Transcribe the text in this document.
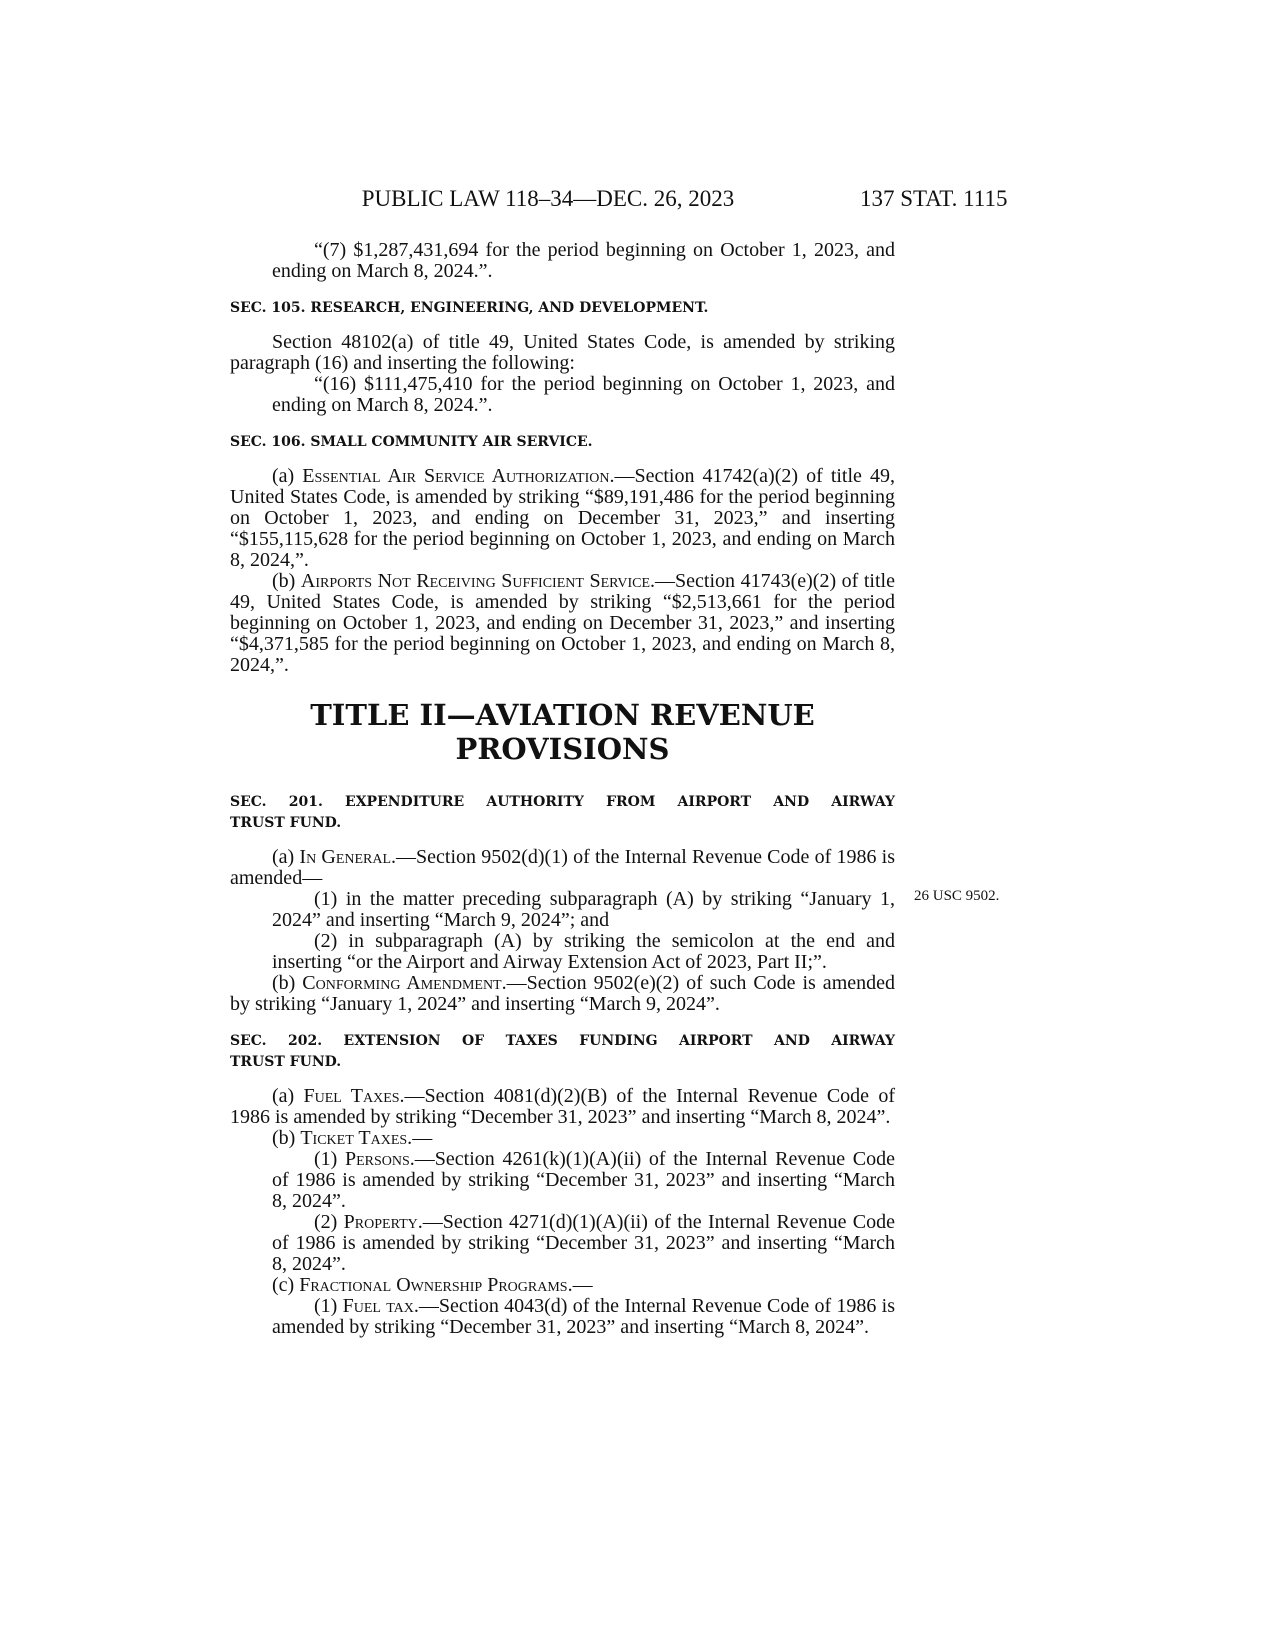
PUBLIC LAW 118–34—DEC. 26, 2023	137 STAT. 1115

“(7) $1,287,431,694 for the period beginning on October 1, 2023, and ending on March 8, 2024.”.

SEC. 105. RESEARCH, ENGINEERING, AND DEVELOPMENT.

Section 48102(a) of title 49, United States Code, is amended by striking paragraph (16) and inserting the following:

“(16) $111,475,410 for the period beginning on October 1, 2023, and ending on March 8, 2024.”.

SEC. 106. SMALL COMMUNITY AIR SERVICE.

(a) Essential Air Service Authorization.—Section 41742(a)(2) of title 49, United States Code, is amended by striking “$89,191,486 for the period beginning on October 1, 2023, and ending on December 31, 2023,” and inserting “$155,115,628 for the period beginning on October 1, 2023, and ending on March 8, 2024,”.

(b) Airports Not Receiving Sufficient Service.—Section 41743(e)(2) of title 49, United States Code, is amended by striking “$2,513,661 for the period beginning on October 1, 2023, and ending on December 31, 2023,” and inserting “$4,371,585 for the period beginning on October 1, 2023, and ending on March 8, 2024,”.

TITLE II—AVIATION REVENUE
PROVISIONS

SEC. 201. EXPENDITURE AUTHORITY FROM AIRPORT AND AIRWAY
TRUST FUND.

(a) In General.—Section 9502(d)(1) of the Internal Revenue Code of 1986 is amended—

(1) in the matter preceding subparagraph (A) by striking “January 1, 2024” and inserting “March 9, 2024”; and

(2) in subparagraph (A) by striking the semicolon at the end and inserting “or the Airport and Airway Extension Act of 2023, Part II;”.

(b) Conforming Amendment.—Section 9502(e)(2) of such Code is amended by striking “January 1, 2024” and inserting “March 9, 2024”.

SEC. 202. EXTENSION OF TAXES FUNDING AIRPORT AND AIRWAY
TRUST FUND.

(a) Fuel Taxes.—Section 4081(d)(2)(B) of the Internal Revenue Code of 1986 is amended by striking “December 31, 2023” and inserting “March 8, 2024”.

(b) Ticket Taxes.—

(1) Persons.—Section 4261(k)(1)(A)(ii) of the Internal Revenue Code of 1986 is amended by striking “December 31, 2023” and inserting “March 8, 2024”.

(2) Property.—Section 4271(d)(1)(A)(ii) of the Internal Revenue Code of 1986 is amended by striking “December 31, 2023” and inserting “March 8, 2024”.

(c) Fractional Ownership Programs.—

(1) Fuel tax.—Section 4043(d) of the Internal Revenue Code of 1986 is amended by striking “December 31, 2023” and inserting “March 8, 2024”.

26 USC 9502.
